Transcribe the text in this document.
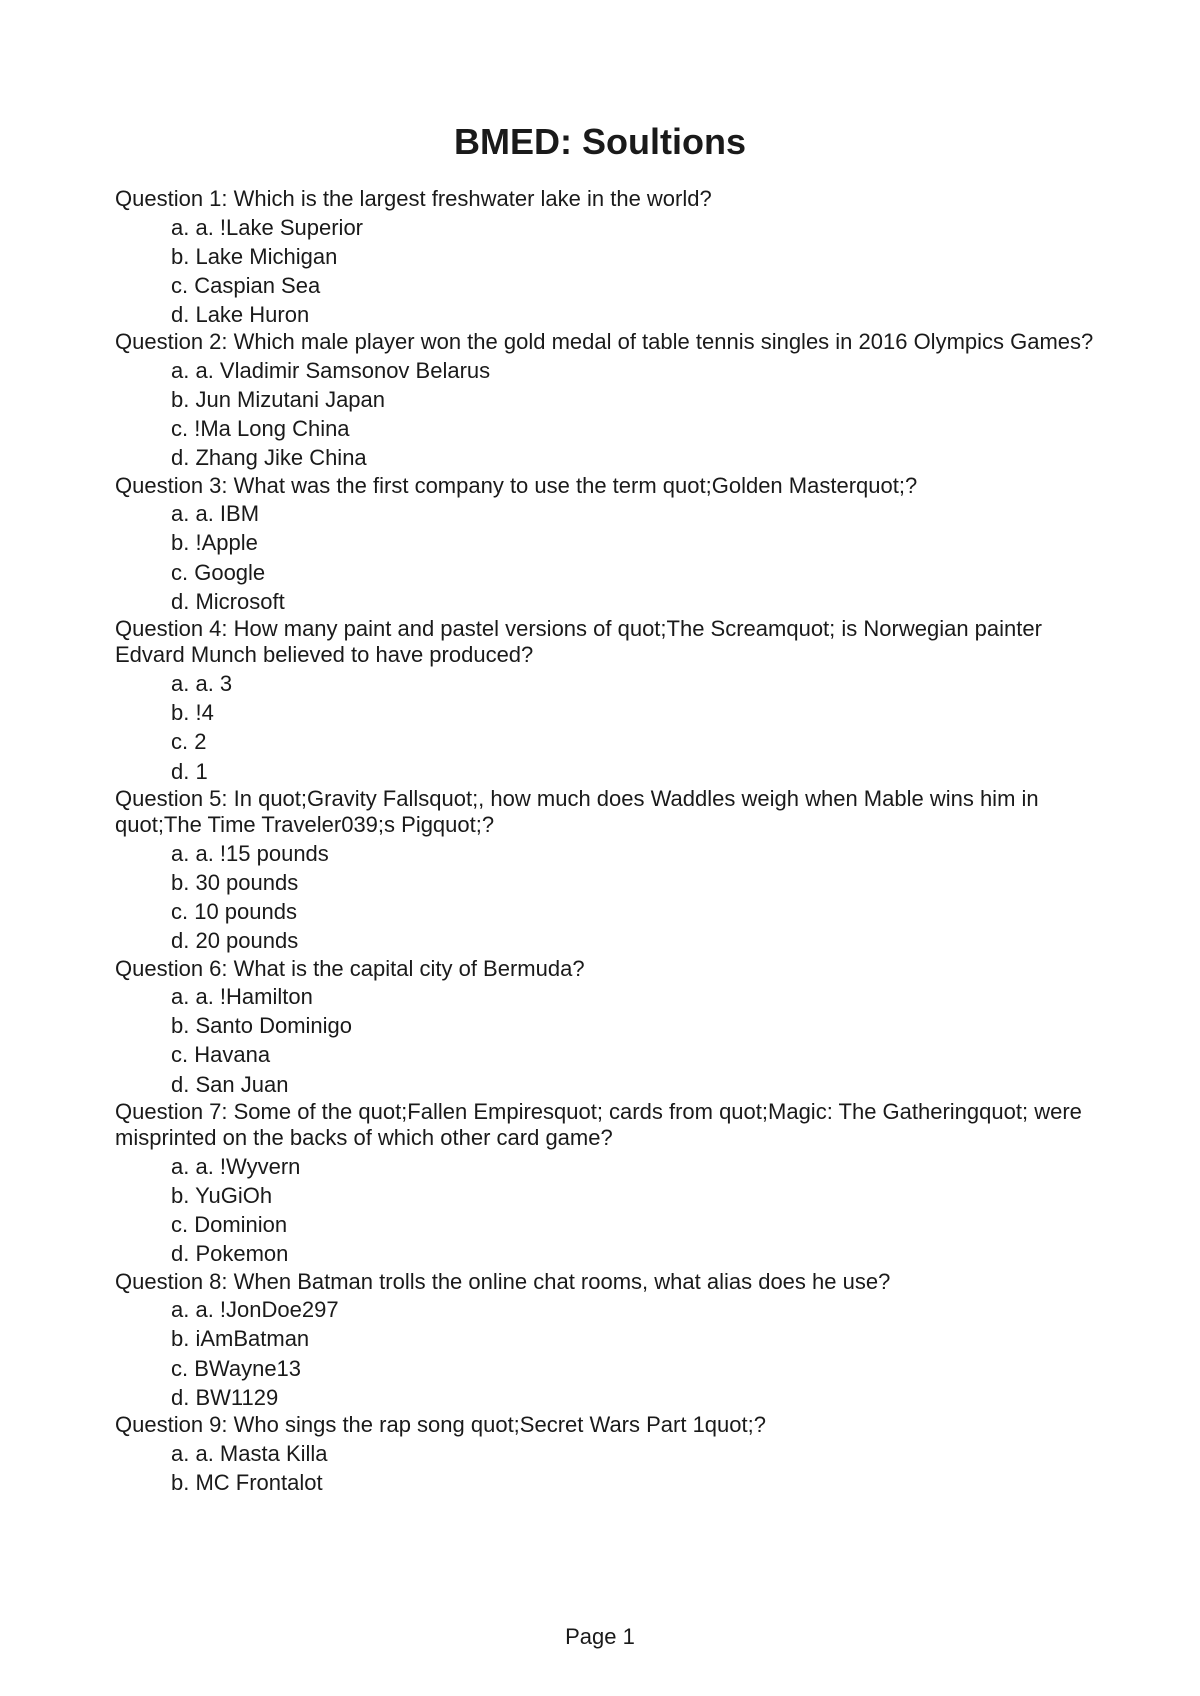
BMED: Soultions

Question 1: Which is the largest freshwater lake in the world?

a. a. !Lake Superior
b. Lake Michigan
c. Caspian Sea
d. Lake Huron

Question 2: Which male player won the gold medal of table tennis singles in 2016 Olympics Games?

a. a. Vladimir Samsonov Belarus
b. Jun Mizutani Japan
c. !Ma Long China
d. Zhang Jike China

Question 3: What was the first company to use the term quot;Golden Masterquot;?

a. a. IBM
b. !Apple
c. Google
d. Microsoft

Question 4: How many paint and pastel versions of quot;The Screamquot; is Norwegian painter Edvard Munch believed to have produced?

a. a. 3
b. !4
c. 2
d. 1

Question 5: In quot;Gravity Fallsquot;, how much does Waddles weigh when Mable wins him in quot;The Time Traveler039;s Pigquot;?

a. a. !15 pounds
b. 30 pounds
c. 10 pounds
d. 20 pounds

Question 6: What is the capital city of Bermuda?

a. a. !Hamilton
b. Santo Dominigo
c. Havana
d. San Juan

Question 7: Some of the quot;Fallen Empiresquot; cards from quot;Magic: The Gatheringquot; were misprinted on the backs of which other card game?

a. a. !Wyvern
b. YuGiOh
c. Dominion
d. Pokemon

Question 8: When Batman trolls the online chat rooms, what alias does he use?

a. a. !JonDoe297
b. iAmBatman
c. BWayne13
d. BW1129

Question 9: Who sings the rap song quot;Secret Wars Part 1quot;?

a. a. Masta Killa
b. MC Frontalot
Page 1
